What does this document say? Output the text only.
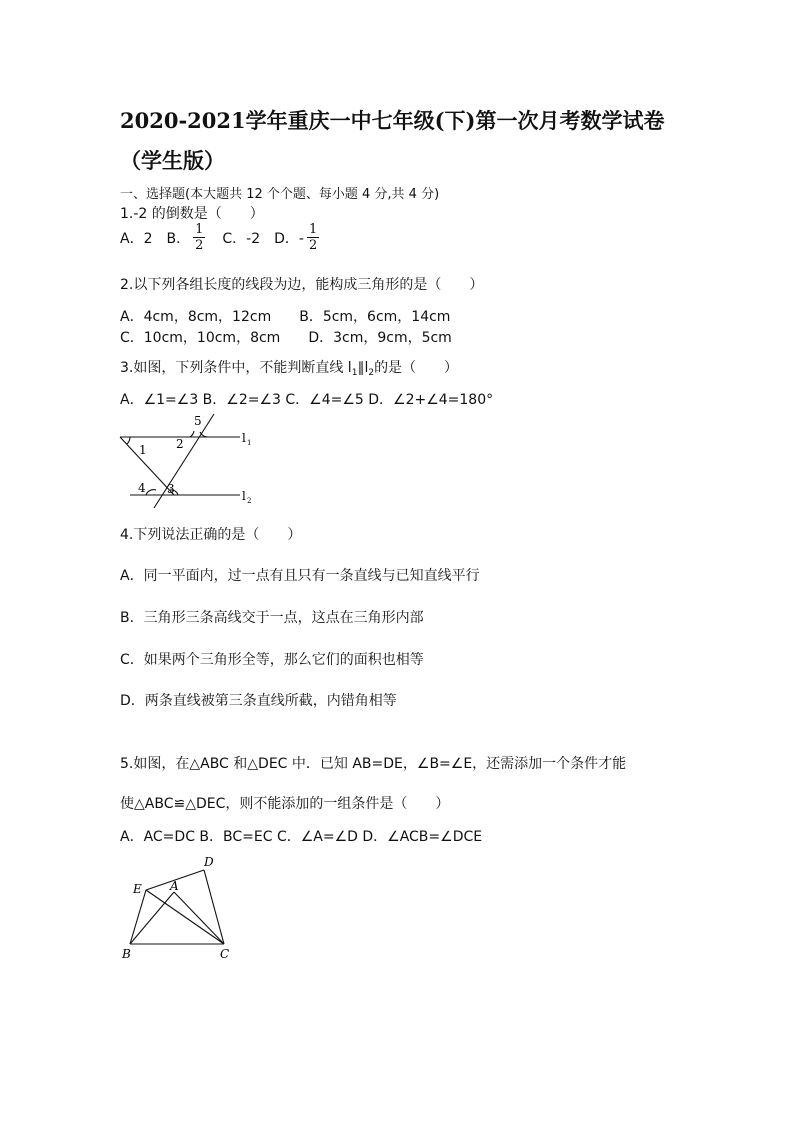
2020-2021学年重庆一中七年级(下)第一次月考数学试卷（学生版）
一、选择题(本大题共 12 个个题、每小题 4 分,共 4 分)
1.-2 的倒数是（　　）
A．2　B． $\frac{1}{2}$ 　C．-2　D．- $\frac{1}{2}$
2.以下列各组长度的线段为边，能构成三角形的是（　　）
A．4cm，8cm，12cm　　B．5cm，6cm，14cm
C．10cm，10cm，8cm　　D．3cm，9cm，5cm
3.如图，下列条件中，不能判断直线 $l_1\parallel l_2$的是（　　）
A．∠1=∠3 B．∠2=∠3 C．∠4=∠5 D．∠2+∠4=180°
l 1
l 2
1 2
5
4 3
4.下列说法正确的是（　　）
A．同一平面内，过一点有且只有一条直线与已知直线平行
B．三角形三条高线交于一点，这点在三角形内部
C．如果两个三角形全等，那么它们的面积也相等
D．两条直线被第三条直线所截，内错角相等
5.如图，在△ABC 和△DEC 中．已知 AB=DE，∠B=∠E，还需添加一个条件才能
使△ABC≌△DEC，则不能添加的一组条件是（　　）
A．AC=DC B．BC=EC C．∠A=∠D D．∠ACB=∠DCE
D
E A
B	C
